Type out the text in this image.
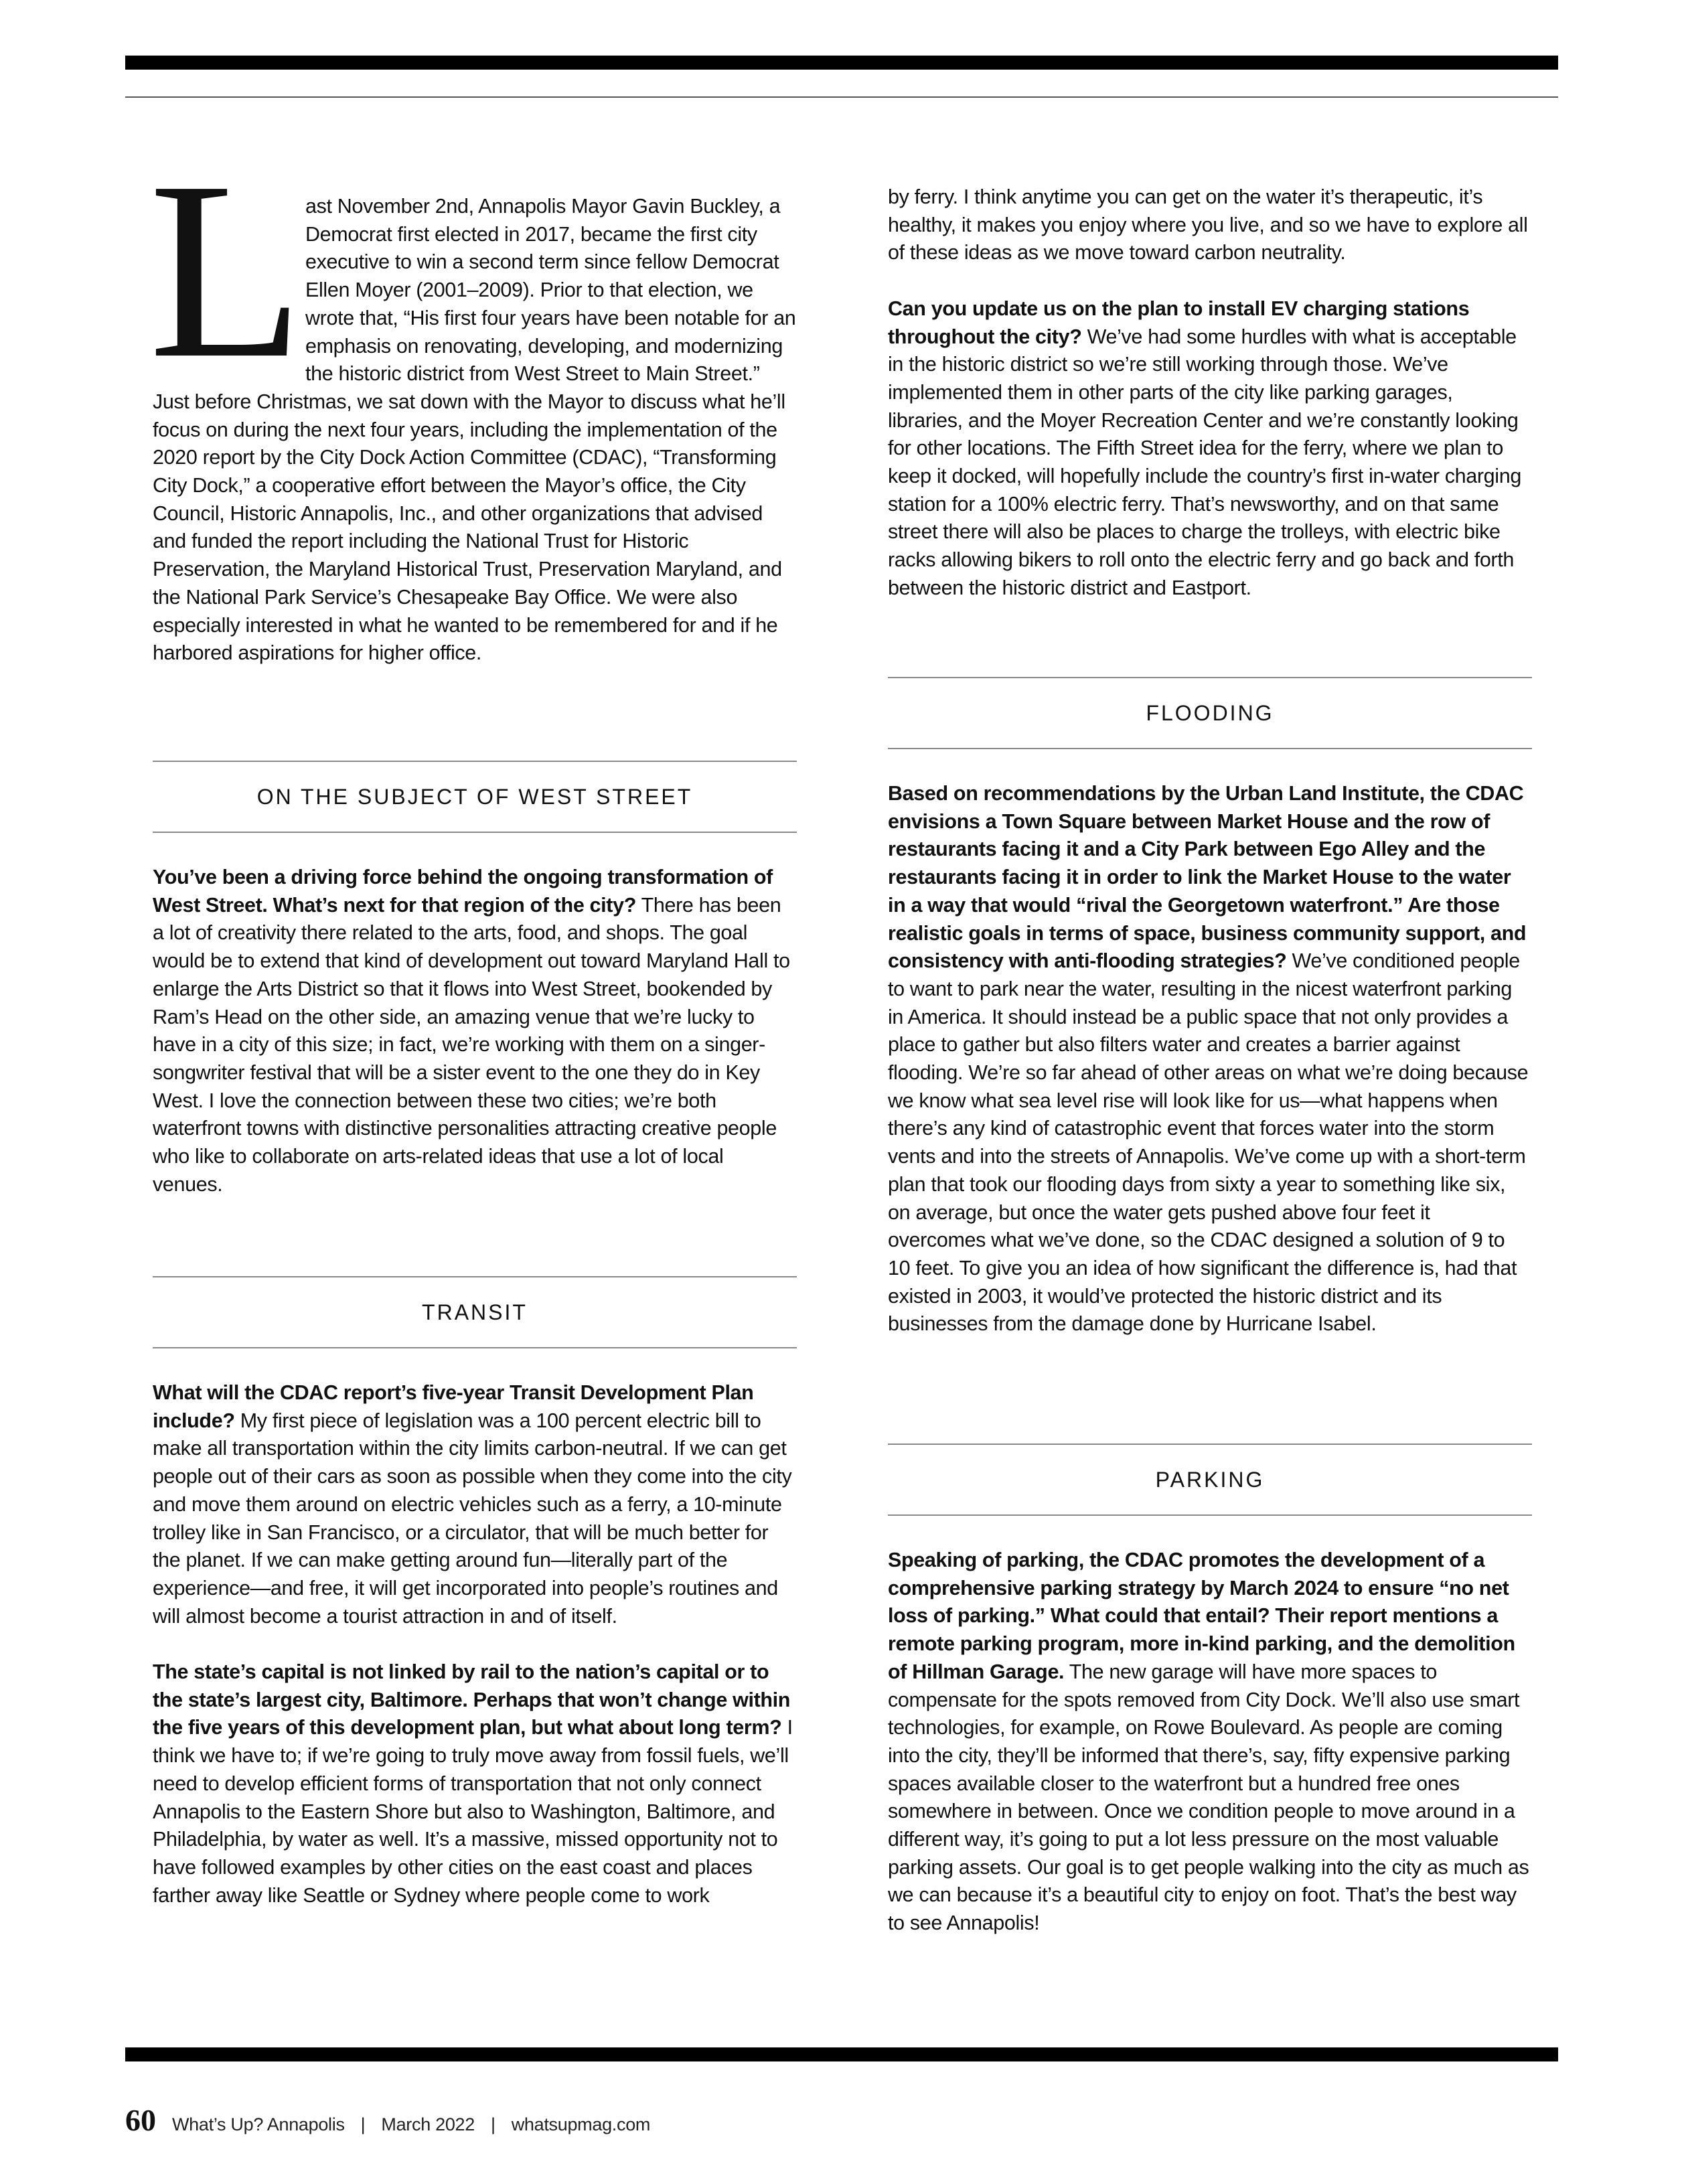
L ast November 2nd, Annapolis Mayor Gavin Buckley, a Democrat first elected in 2017, became the first city executive to win a second term since fellow Democrat Ellen Moyer (2001–2009). Prior to that election, we wrote that, “His first four years have been notable for an emphasis on renovating, developing, and modernizing the historic district from West Street to Main Street.” Just before Christmas, we sat down with the Mayor to discuss what he’ll focus on during the next four years, including the implementation of the 2020 report by the City Dock Action Committee (CDAC), “Transforming City Dock,” a cooperative effort between the Mayor’s office, the City Council, Historic Annapolis, Inc., and other organizations that advised and funded the report including the National Trust for Historic Preservation, the Maryland Historical Trust, Preservation Maryland, and the National Park Service’s Chesapeake Bay Office. We were also especially interested in what he wanted to be remembered for and if he harbored aspirations for higher office.

ON THE SUBJECT OF WEST STREET

You’ve been a driving force behind the ongoing transformation of West Street. What’s next for that region of the city? There has been a lot of creativity there related to the arts, food, and shops. The goal would be to extend that kind of development out toward Maryland Hall to enlarge the Arts District so that it flows into West Street, bookended by Ram’s Head on the other side, an amazing venue that we’re lucky to have in a city of this size; in fact, we’re working with them on a singer-songwriter festival that will be a sister event to the one they do in Key West. I love the connection between these two cities; we’re both waterfront towns with distinctive personalities attracting creative people who like to collaborate on arts-related ideas that use a lot of local venues.

TRANSIT

What will the CDAC report’s five-year Transit Development Plan include? My first piece of legislation was a 100 percent electric bill to make all transportation within the city limits carbon-neutral. If we can get people out of their cars as soon as possible when they come into the city and move them around on electric vehicles such as a ferry, a 10-minute trolley like in San Francisco, or a circulator, that will be much better for the planet. If we can make getting around fun—literally part of the experience—and free, it will get incorporated into people’s routines and will almost become a tourist attraction in and of itself.

The state’s capital is not linked by rail to the nation’s capital or to the state’s largest city, Baltimore. Perhaps that won’t change within the five years of this development plan, but what about long term? I think we have to; if we’re going to truly move away from fossil fuels, we’ll need to develop efficient forms of transportation that not only connect Annapolis to the Eastern Shore but also to Washington, Baltimore, and Philadelphia, by water as well. It’s a massive, missed opportunity not to have followed examples by other cities on the east coast and places farther away like Seattle or Sydney where people come to work

by ferry. I think anytime you can get on the water it’s therapeutic, it’s healthy, it makes you enjoy where you live, and so we have to explore all of these ideas as we move toward carbon neutrality.

Can you update us on the plan to install EV charging stations throughout the city? We’ve had some hurdles with what is acceptable in the historic district so we’re still working through those. We’ve implemented them in other parts of the city like parking garages, libraries, and the Moyer Recreation Center and we’re constantly looking for other locations. The Fifth Street idea for the ferry, where we plan to keep it docked, will hopefully include the country’s first in-water charging station for a 100% electric ferry. That’s newsworthy, and on that same street there will also be places to charge the trolleys, with electric bike racks allowing bikers to roll onto the electric ferry and go back and forth between the historic district and Eastport.

FLOODING

Based on recommendations by the Urban Land Institute, the CDAC envisions a Town Square between Market House and the row of restaurants facing it and a City Park between Ego Alley and the restaurants facing it in order to link the Market House to the water in a way that would “rival the Georgetown waterfront.” Are those realistic goals in terms of space, business community support, and consistency with anti-flooding strategies? We’ve conditioned people to want to park near the water, resulting in the nicest waterfront parking in America. It should instead be a public space that not only provides a place to gather but also filters water and creates a barrier against flooding. We’re so far ahead of other areas on what we’re doing because we know what sea level rise will look like for us—what happens when there’s any kind of catastrophic event that forces water into the storm vents and into the streets of Annapolis. We’ve come up with a short-term plan that took our flooding days from sixty a year to something like six, on average, but once the water gets pushed above four feet it overcomes what we’ve done, so the CDAC designed a solution of 9 to 10 feet. To give you an idea of how significant the difference is, had that existed in 2003, it would’ve protected the historic district and its businesses from the damage done by Hurricane Isabel.

PARKING

Speaking of parking, the CDAC promotes the development of a comprehensive parking strategy by March 2024 to ensure “no net loss of parking.” What could that entail? Their report mentions a remote parking program, more in-kind parking, and the demolition of Hillman Garage. The new garage will have more spaces to compensate for the spots removed from City Dock. We’ll also use smart technologies, for example, on Rowe Boulevard. As people are coming into the city, they’ll be informed that there’s, say, fifty expensive parking spaces available closer to the waterfront but a hundred free ones somewhere in between. Once we condition people to move around in a different way, it’s going to put a lot less pressure on the most valuable parking assets. Our goal is to get people walking into the city as much as we can because it’s a beautiful city to enjoy on foot. That’s the best way to see Annapolis!

60 What’s Up? Annapolis | March 2022 | whatsupmag.com
